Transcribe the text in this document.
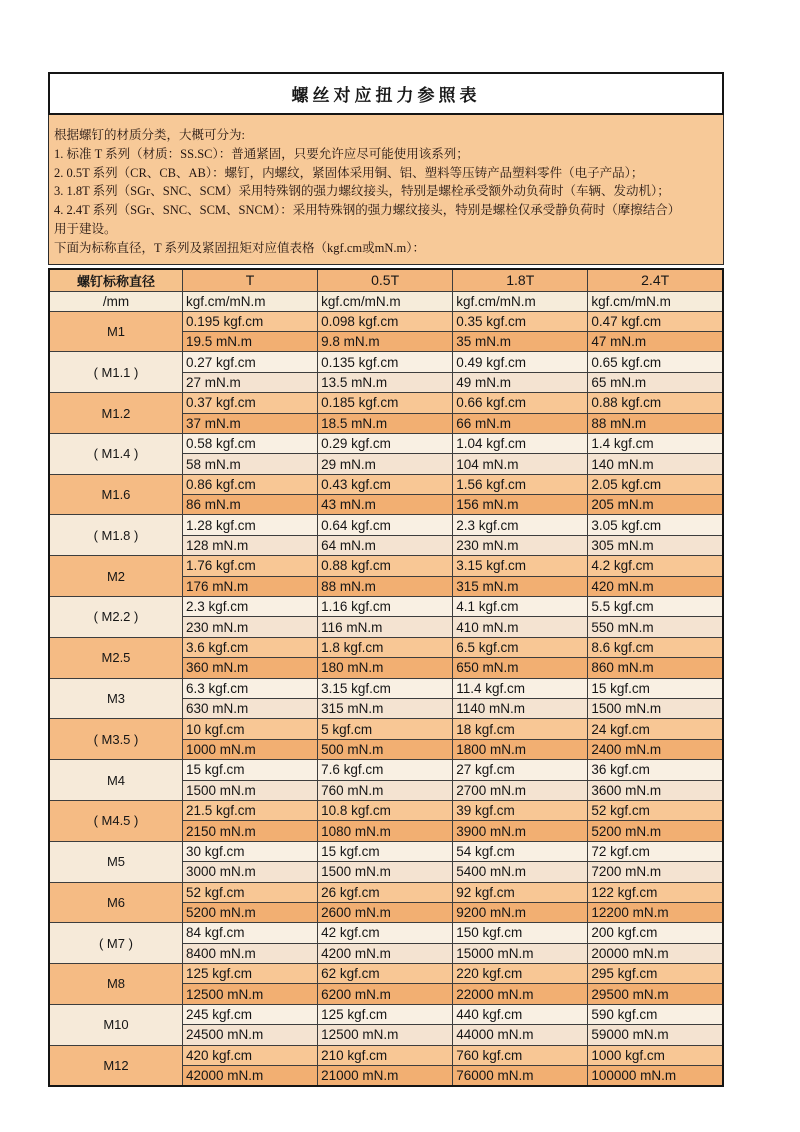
螺丝对应扭力参照表
根据螺钉的材质分类，大概可分为:
1. 标准 T 系列（材质：SS.SC）：普通紧固，只要允许应尽可能使用该系列；
2. 0.5T 系列（CR、CB、AB）：螺钉，内螺纹，紧固体采用铜、铝、塑料等压铸产品塑料零件（电子产品）；
3. 1.8T 系列（SGr、SNC、SCM）采用特殊钢的强力螺纹接头，特别是螺栓承受额外动负荷时（车辆、发动机）；
4. 2.4T 系列（SGr、SNC、SCM、SNCM）：采用特殊钢的强力螺纹接头，特别是螺栓仅承受静负荷时（摩擦结合）
用于建设。
下面为标称直径，T 系列及紧固扭矩对应值表格（kgf.cm或mN.m）：
螺钉标称直径	T	0.5T	1.8T	2.4T
/mm	kgf.cm/mN.m	kgf.cm/mN.m	kgf.cm/mN.m	kgf.cm/mN.m
M1	0.195 kgf.cm	0.098 kgf.cm	0.35 kgf.cm	0.47 kgf.cm
	19.5 mN.m	9.8 mN.m	35 mN.m	47 mN.m
( M1.1 )	0.27 kgf.cm	0.135 kgf.cm	0.49 kgf.cm	0.65 kgf.cm
	27 mN.m	13.5 mN.m	49 mN.m	65 mN.m
M1.2	0.37 kgf.cm	0.185 kgf.cm	0.66 kgf.cm	0.88 kgf.cm
	37 mN.m	18.5 mN.m	66 mN.m	88 mN.m
( M1.4 )	0.58 kgf.cm	0.29 kgf.cm	1.04 kgf.cm	1.4 kgf.cm
	58 mN.m	29 mN.m	104 mN.m	140 mN.m
M1.6	0.86 kgf.cm	0.43 kgf.cm	1.56 kgf.cm	2.05 kgf.cm
	86 mN.m	43 mN.m	156 mN.m	205 mN.m
( M1.8 )	1.28 kgf.cm	0.64 kgf.cm	2.3 kgf.cm	3.05 kgf.cm
	128 mN.m	64 mN.m	230 mN.m	305 mN.m
M2	1.76 kgf.cm	0.88 kgf.cm	3.15 kgf.cm	4.2 kgf.cm
	176 mN.m	88 mN.m	315 mN.m	420 mN.m
( M2.2 )	2.3 kgf.cm	1.16 kgf.cm	4.1 kgf.cm	5.5 kgf.cm
	230 mN.m	116 mN.m	410 mN.m	550 mN.m
M2.5	3.6 kgf.cm	1.8 kgf.cm	6.5 kgf.cm	8.6 kgf.cm
	360 mN.m	180 mN.m	650 mN.m	860 mN.m
M3	6.3 kgf.cm	3.15 kgf.cm	11.4 kgf.cm	15 kgf.cm
	630 mN.m	315 mN.m	1140 mN.m	1500 mN.m
( M3.5 )	10 kgf.cm	5 kgf.cm	18 kgf.cm	24 kgf.cm
	1000 mN.m	500 mN.m	1800 mN.m	2400 mN.m
M4	15 kgf.cm	7.6 kgf.cm	27 kgf.cm	36 kgf.cm
	1500 mN.m	760 mN.m	2700 mN.m	3600 mN.m
( M4.5 )	21.5 kgf.cm	10.8 kgf.cm	39 kgf.cm	52 kgf.cm
	2150 mN.m	1080 mN.m	3900 mN.m	5200 mN.m
M5	30 kgf.cm	15 kgf.cm	54 kgf.cm	72 kgf.cm
	3000 mN.m	1500 mN.m	5400 mN.m	7200 mN.m
M6	52 kgf.cm	26 kgf.cm	92 kgf.cm	122 kgf.cm
	5200 mN.m	2600 mN.m	9200 mN.m	12200 mN.m
( M7 )	84 kgf.cm	42 kgf.cm	150 kgf.cm	200 kgf.cm
	8400 mN.m	4200 mN.m	15000 mN.m	20000 mN.m
M8	125 kgf.cm	62 kgf.cm	220 kgf.cm	295 kgf.cm
	12500 mN.m	6200 mN.m	22000 mN.m	29500 mN.m
M10	245 kgf.cm	125 kgf.cm	440 kgf.cm	590 kgf.cm
	24500 mN.m	12500 mN.m	44000 mN.m	59000 mN.m
M12	420 kgf.cm	210 kgf.cm	760 kgf.cm	1000 kgf.cm
	42000 mN.m	21000 mN.m	76000 mN.m	100000 mN.m
